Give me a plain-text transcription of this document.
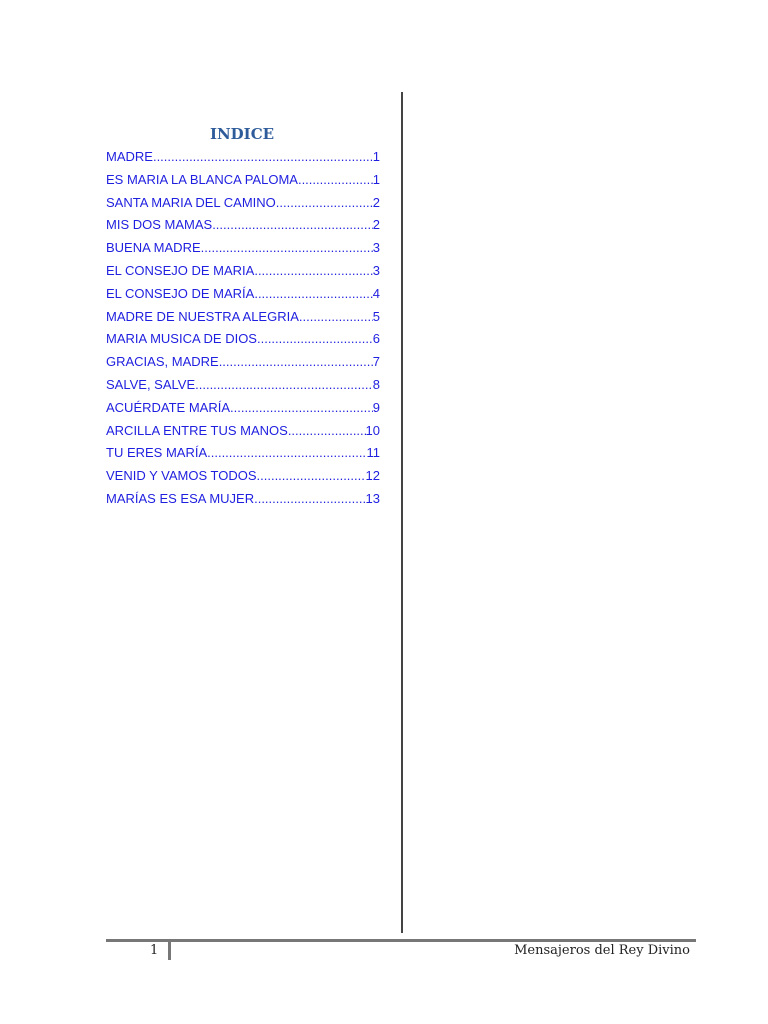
INDICE
MADRE .....	1
ES MARIA LA BLANCA PALOMA .....	1
SANTA MARIA DEL CAMINO .....	2
MIS DOS MAMAS .....	2
BUENA MADRE .....	3
EL CONSEJO DE MARIA .....	3
EL CONSEJO DE MARÍA .....	4
MADRE DE NUESTRA ALEGRIA .....	5
MARIA MUSICA DE DIOS .....	6
GRACIAS, MADRE .....	7
SALVE, SALVE .....	8
ACUÉRDATE MARÍA .....	9
ARCILLA ENTRE TUS MANOS .....	10
TU ERES MARÍA .....	11
VENID Y VAMOS TODOS .....	12
MARÍAS ES ESA MUJER .....	13
1	Mensajeros del Rey Divino
